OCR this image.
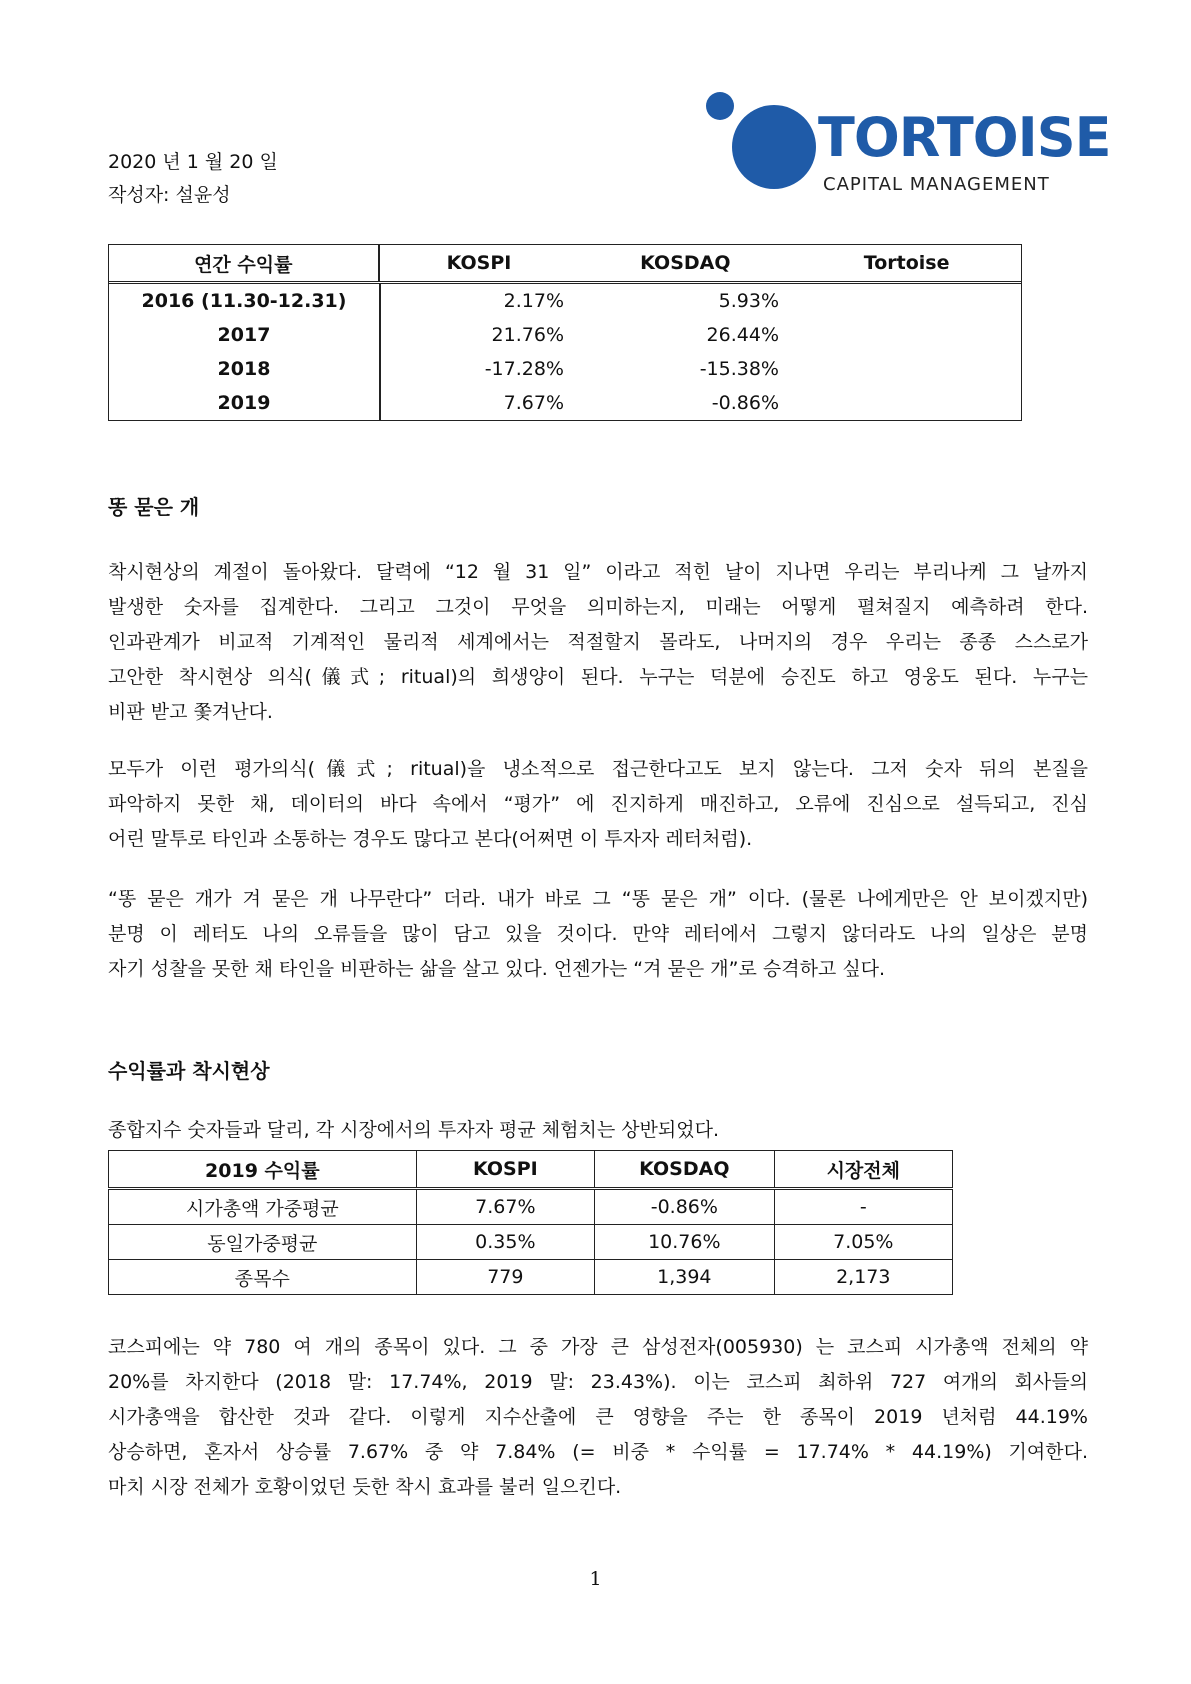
2020 년 1 월 20 일
작성자: 설윤성
TORTOISE
CAPITAL MANAGEMENT
연간 수익률	KOSPI	KOSDAQ	Tortoise
2016 (11.30-12.31)	2.17%	5.93%
2017	21.76%	26.44%
2018	-17.28%	-15.38%
2019	7.67%	-0.86%
똥 묻은 개
착시현상의 계절이 돌아왔다. 달력에 “12 월 31 일” 이라고 적힌 날이 지나면 우리는 부리나케 그 날까지
발생한 숫자를 집계한다. 그리고 그것이 무엇을 의미하는지, 미래는 어떻게 펼쳐질지 예측하려 한다.
인과관계가 비교적 기계적인 물리적 세계에서는 적절할지 몰라도, 나머지의 경우 우리는 종종 스스로가
고안한 착시현상 의식(儀式; ritual)의 희생양이 된다. 누구는 덕분에 승진도 하고 영웅도 된다. 누구는
비판 받고 쫓겨난다.
모두가 이런 평가의식(儀式; ritual)을 냉소적으로 접근한다고도 보지 않는다. 그저 숫자 뒤의 본질을
파악하지 못한 채, 데이터의 바다 속에서 “평가” 에 진지하게 매진하고, 오류에 진심으로 설득되고, 진심
어린 말투로 타인과 소통하는 경우도 많다고 본다(어쩌면 이 투자자 레터처럼).
“똥 묻은 개가 겨 묻은 개 나무란다” 더라. 내가 바로 그 “똥 묻은 개” 이다. (물론 나에게만은 안 보이겠지만)
분명 이 레터도 나의 오류들을 많이 담고 있을 것이다. 만약 레터에서 그렇지 않더라도 나의 일상은 분명
자기 성찰을 못한 채 타인을 비판하는 삶을 살고 있다. 언젠가는 “겨 묻은 개”로 승격하고 싶다.
수익률과 착시현상
종합지수 숫자들과 달리, 각 시장에서의 투자자 평균 체험치는 상반되었다.
2019 수익률	KOSPI	KOSDAQ	시장전체
시가총액 가중평균	7.67%	-0.86%	-
동일가중평균	0.35%	10.76%	7.05%
종목수	779	1,394	2,173
코스피에는 약 780 여 개의 종목이 있다. 그 중 가장 큰 삼성전자(005930) 는 코스피 시가총액 전체의 약
20%를 차지한다 (2018 말: 17.74%, 2019 말: 23.43%). 이는 코스피 최하위 727 여개의 회사들의
시가총액을 합산한 것과 같다. 이렇게 지수산출에 큰 영향을 주는 한 종목이 2019 년처럼 44.19%
상승하면, 혼자서 상승률 7.67% 중 약 7.84% (= 비중 * 수익률 = 17.74% * 44.19%) 기여한다.
마치 시장 전체가 호황이었던 듯한 착시 효과를 불러 일으킨다.
1
